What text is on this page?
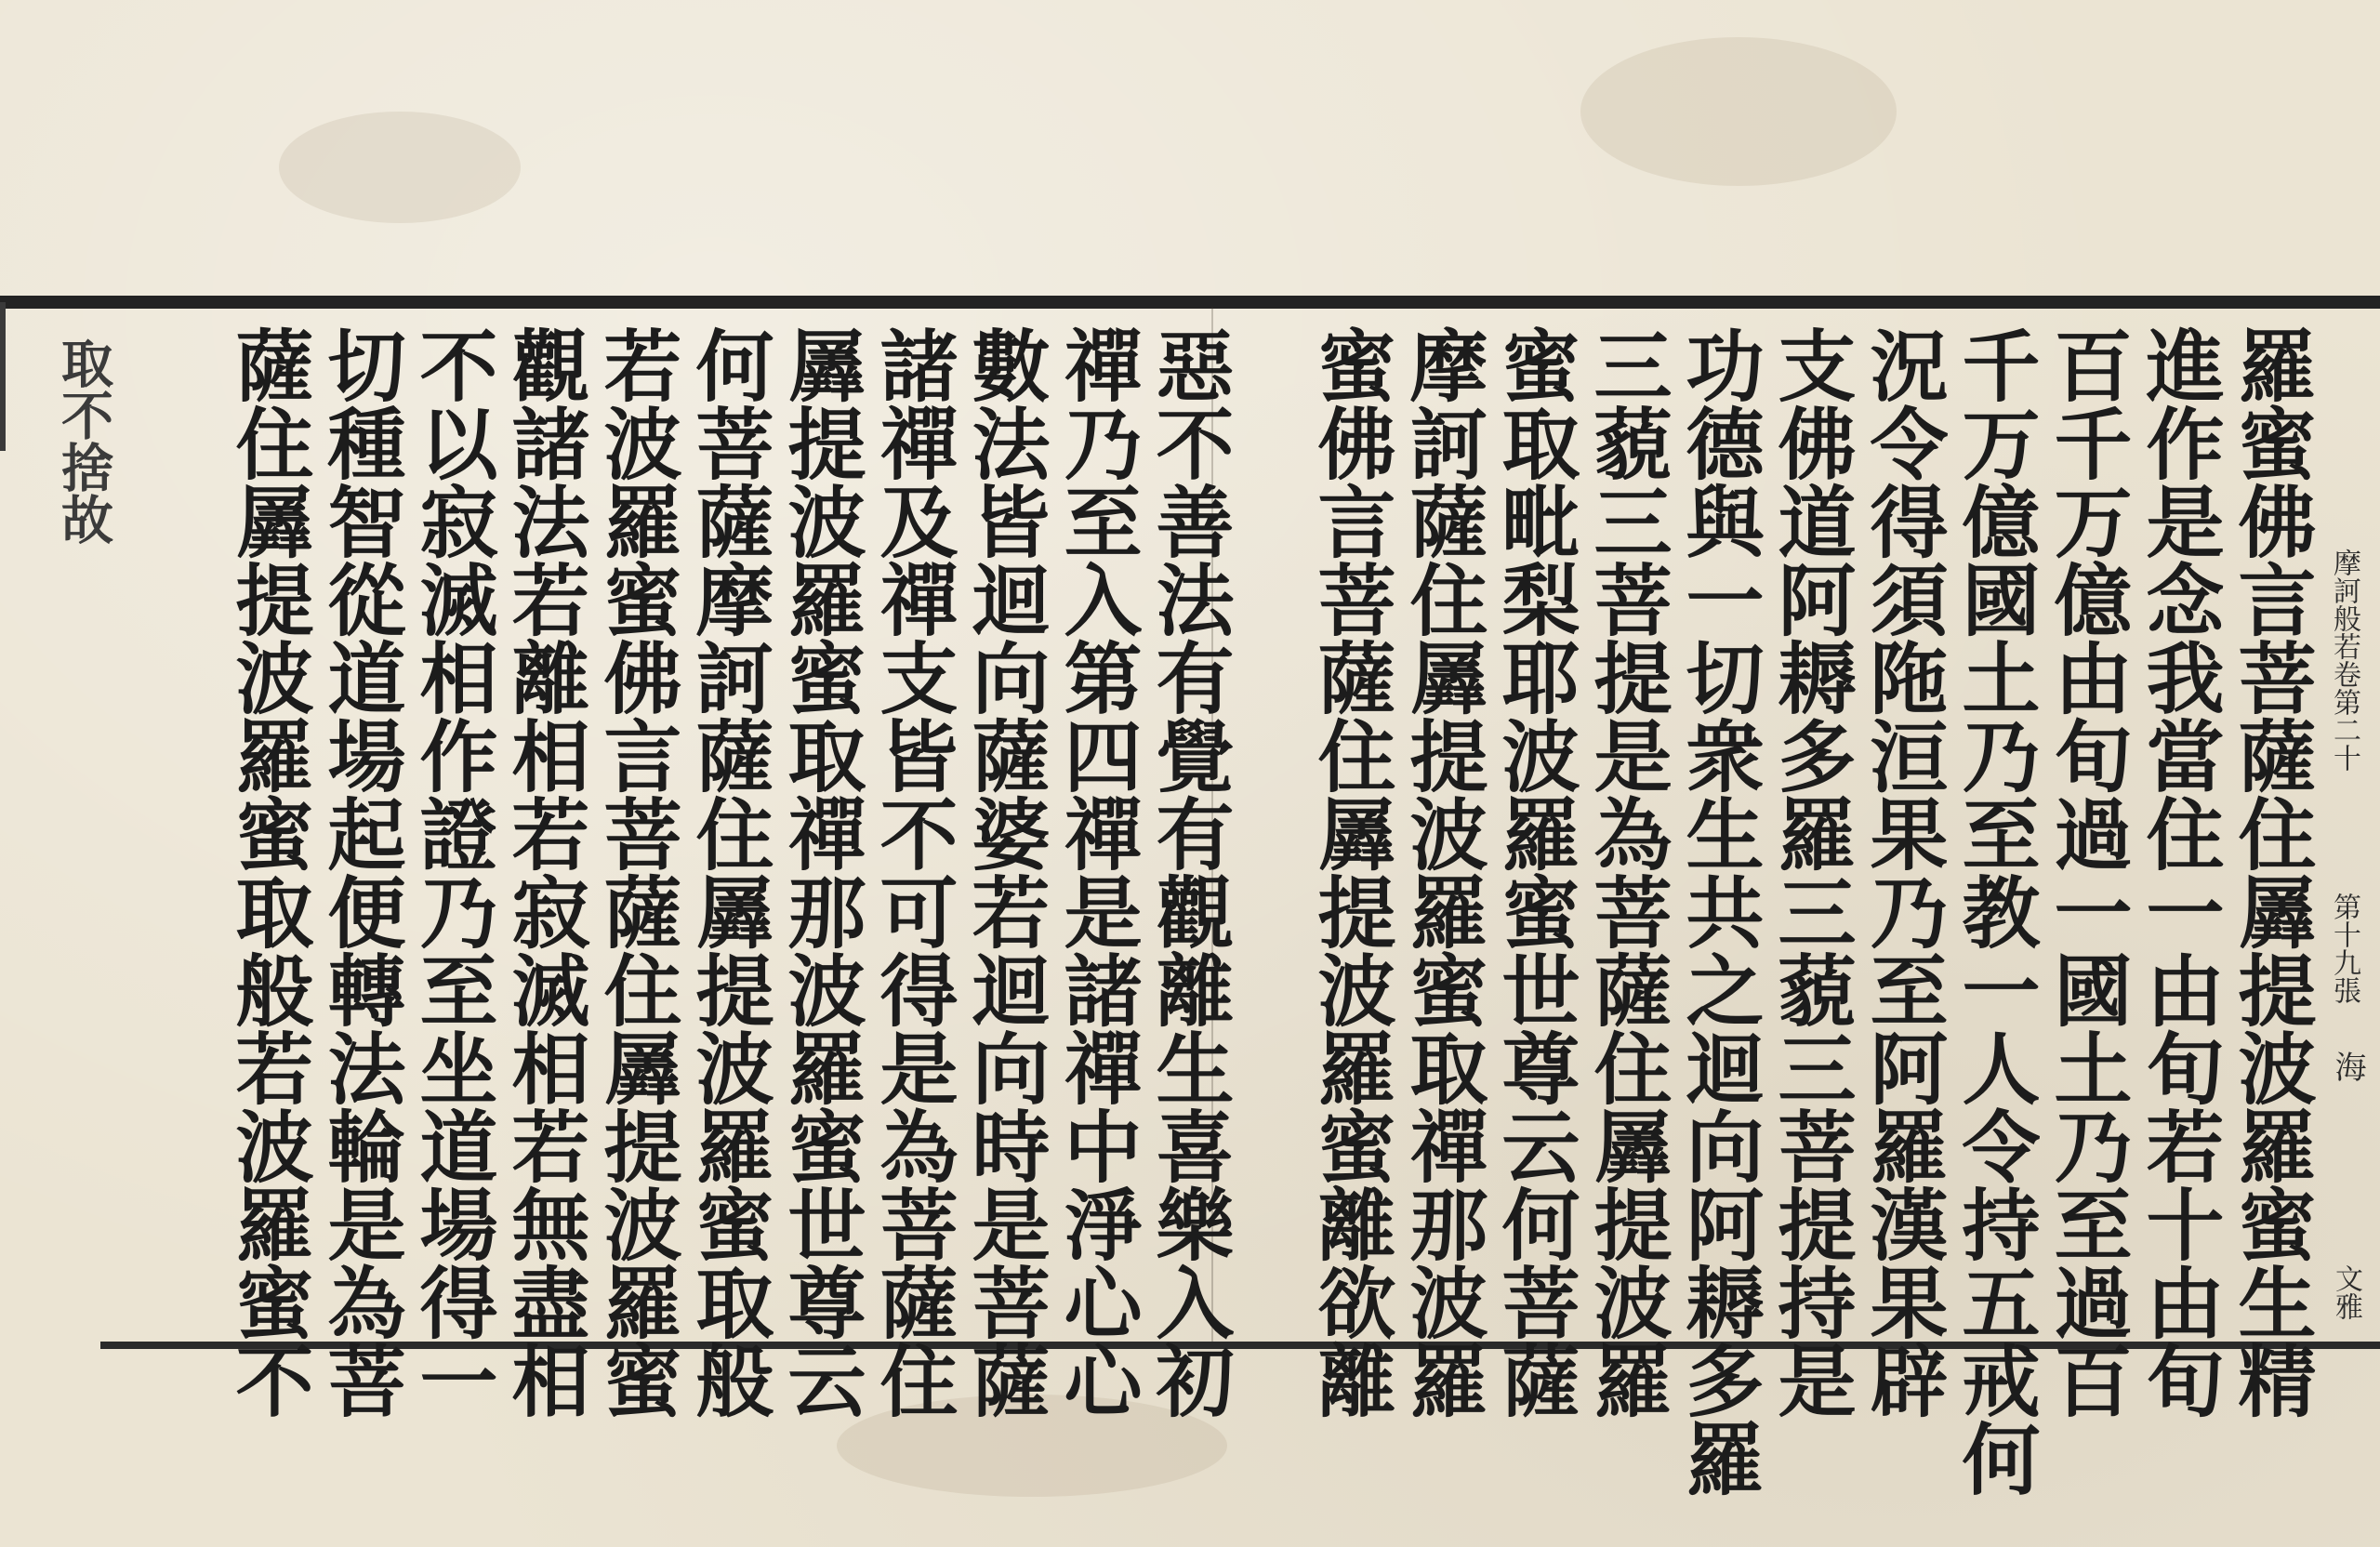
羅蜜佛言菩薩住羼提波羅蜜生精
進作是念我當住一由旬若十由旬
百千万億由旬過一國土乃至過百
千万億國土乃至教一人令持五戒何
況令得須陁洹果乃至阿羅漢果辟
支佛道阿耨多羅三藐三菩提持是
功德與一切衆生共之迴向阿耨多羅
三藐三菩提是為菩薩住羼提波羅
蜜取毗梨耶波羅蜜世尊云何菩薩
摩訶薩住羼提波羅蜜取禪那波羅
蜜佛言菩薩住羼提波羅蜜離欲離
惡不善法有覺有觀離生喜樂入初
禪乃至入第四禪是諸禪中淨心心
數法皆迴向薩婆若迴向時是菩薩
諸禪及禪支皆不可得是為菩薩住
羼提波羅蜜取禪那波羅蜜世尊云
何菩薩摩訶薩住羼提波羅蜜取般
若波羅蜜佛言菩薩住羼提波羅蜜
觀諸法若離相若寂滅相若無盡相
不以寂滅相作證乃至坐道場得一
切種智從道場起便轉法輪是為菩
薩住羼提波羅蜜取般若波羅蜜不
取不捨故
摩訶般若卷第二十
第十九張
海
文雅
